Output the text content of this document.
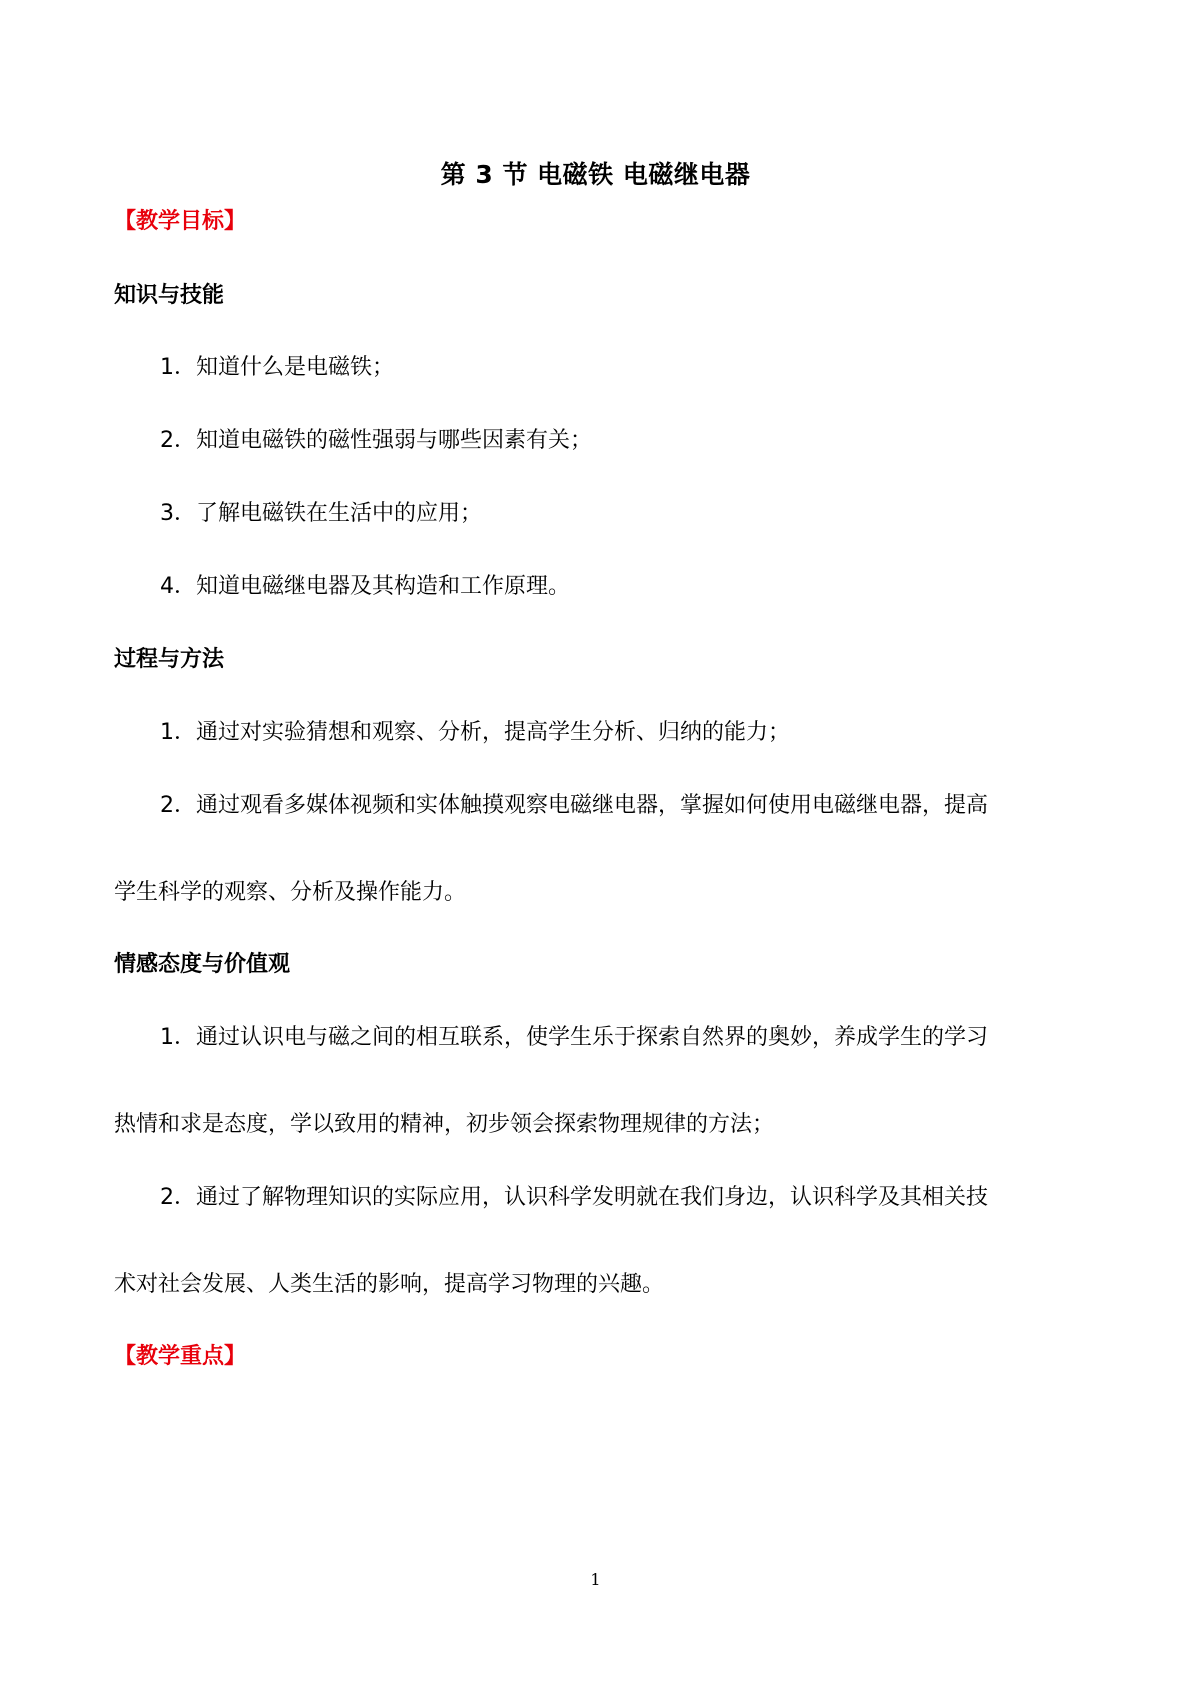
第 3 节 电磁铁 电磁继电器
【教学目标】
知识与技能
1．知道什么是电磁铁；
2．知道电磁铁的磁性强弱与哪些因素有关；
3．了解电磁铁在生活中的应用；
4．知道电磁继电器及其构造和工作原理。
过程与方法
1．通过对实验猜想和观察、分析，提高学生分析、归纳的能力；
2．通过观看多媒体视频和实体触摸观察电磁继电器，掌握如何使用电磁继电器，提高
学生科学的观察、分析及操作能力。
情感态度与价值观
1．通过认识电与磁之间的相互联系，使学生乐于探索自然界的奥妙，养成学生的学习
热情和求是态度，学以致用的精神，初步领会探索物理规律的方法；
2．通过了解物理知识的实际应用，认识科学发明就在我们身边，认识科学及其相关技
术对社会发展、人类生活的影响，提高学习物理的兴趣。
【教学重点】
1
